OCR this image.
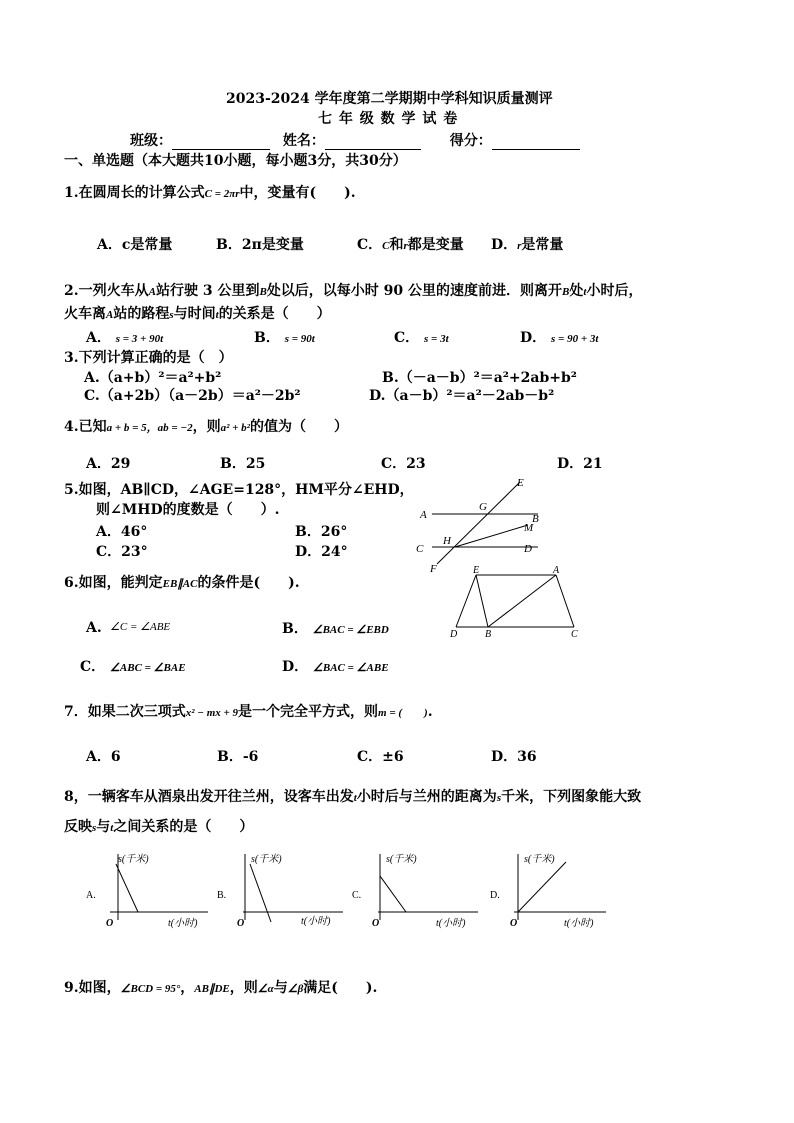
2023-2024 学年度第二学期期中学科知识质量测评
七 年 级 数 学 试 卷
班级：	姓名：	得分：
一、单选题（本大题共10小题，每小题3分，共30分）
1.在圆周长的计算公式C = 2πr中，变量有(　　).
A．c是常量	B．2π是变量	C．C和r都是变量 D．r是常量
2.一列火车从A站行驶 3 公里到B处以后，以每小时 90 公里的速度前进．则离开B处t小时后，
火车离A站的路程s与时间t的关系是（　　）
A． s = 3 + 90t	B． s = 90t	C． s = 3t	D． s = 90 + 3t
3.下列计算正确的是（　）
A.（a+b）²＝a²+b²	B.（－a－b）²＝a²+2ab+b²
C.（a+2b）（a－2b）＝a²－2b²	D.（a－b）²＝a²－2ab－b²
4.已知a + b = 5，ab = −2，则a² + b²的值为（　　）
A．29	B．25	C．23	D．21
5.如图，AB∥CD，∠AGE=128°，HM平分∠EHD，
则∠MHD的度数是（　　）.
A．46°	B．26°
C．23°	D．24°
A	B
C	D
E
F
G
H
M
6.如图，能判定EB∥AC的条件是(　　).
A. ∠C = ∠ABE	B． ∠BAC = ∠EBD
C． ∠ABC = ∠BAE	D． ∠BAC = ∠ABE
E	A
D	B	C
7．如果二次三项式x² − mx + 9是一个完全平方式，则m = (　　).
A．6	B．-6	C．±6	D．36
8，一辆客车从酒泉出发开往兰州，设客车出发t小时后与兰州的距离为s千米，下列图象能大致
反映s与t之间关系的是（　　）
A.
s(千米)
t(小时)
O
B.
s(千米)
t(小时)
O
C.
s(千米)
t(小时)
O
D.
s(千米)
t(小时)
O
9.如图，∠BCD = 95°，AB∥DE，则∠α与∠β满足(　　).
